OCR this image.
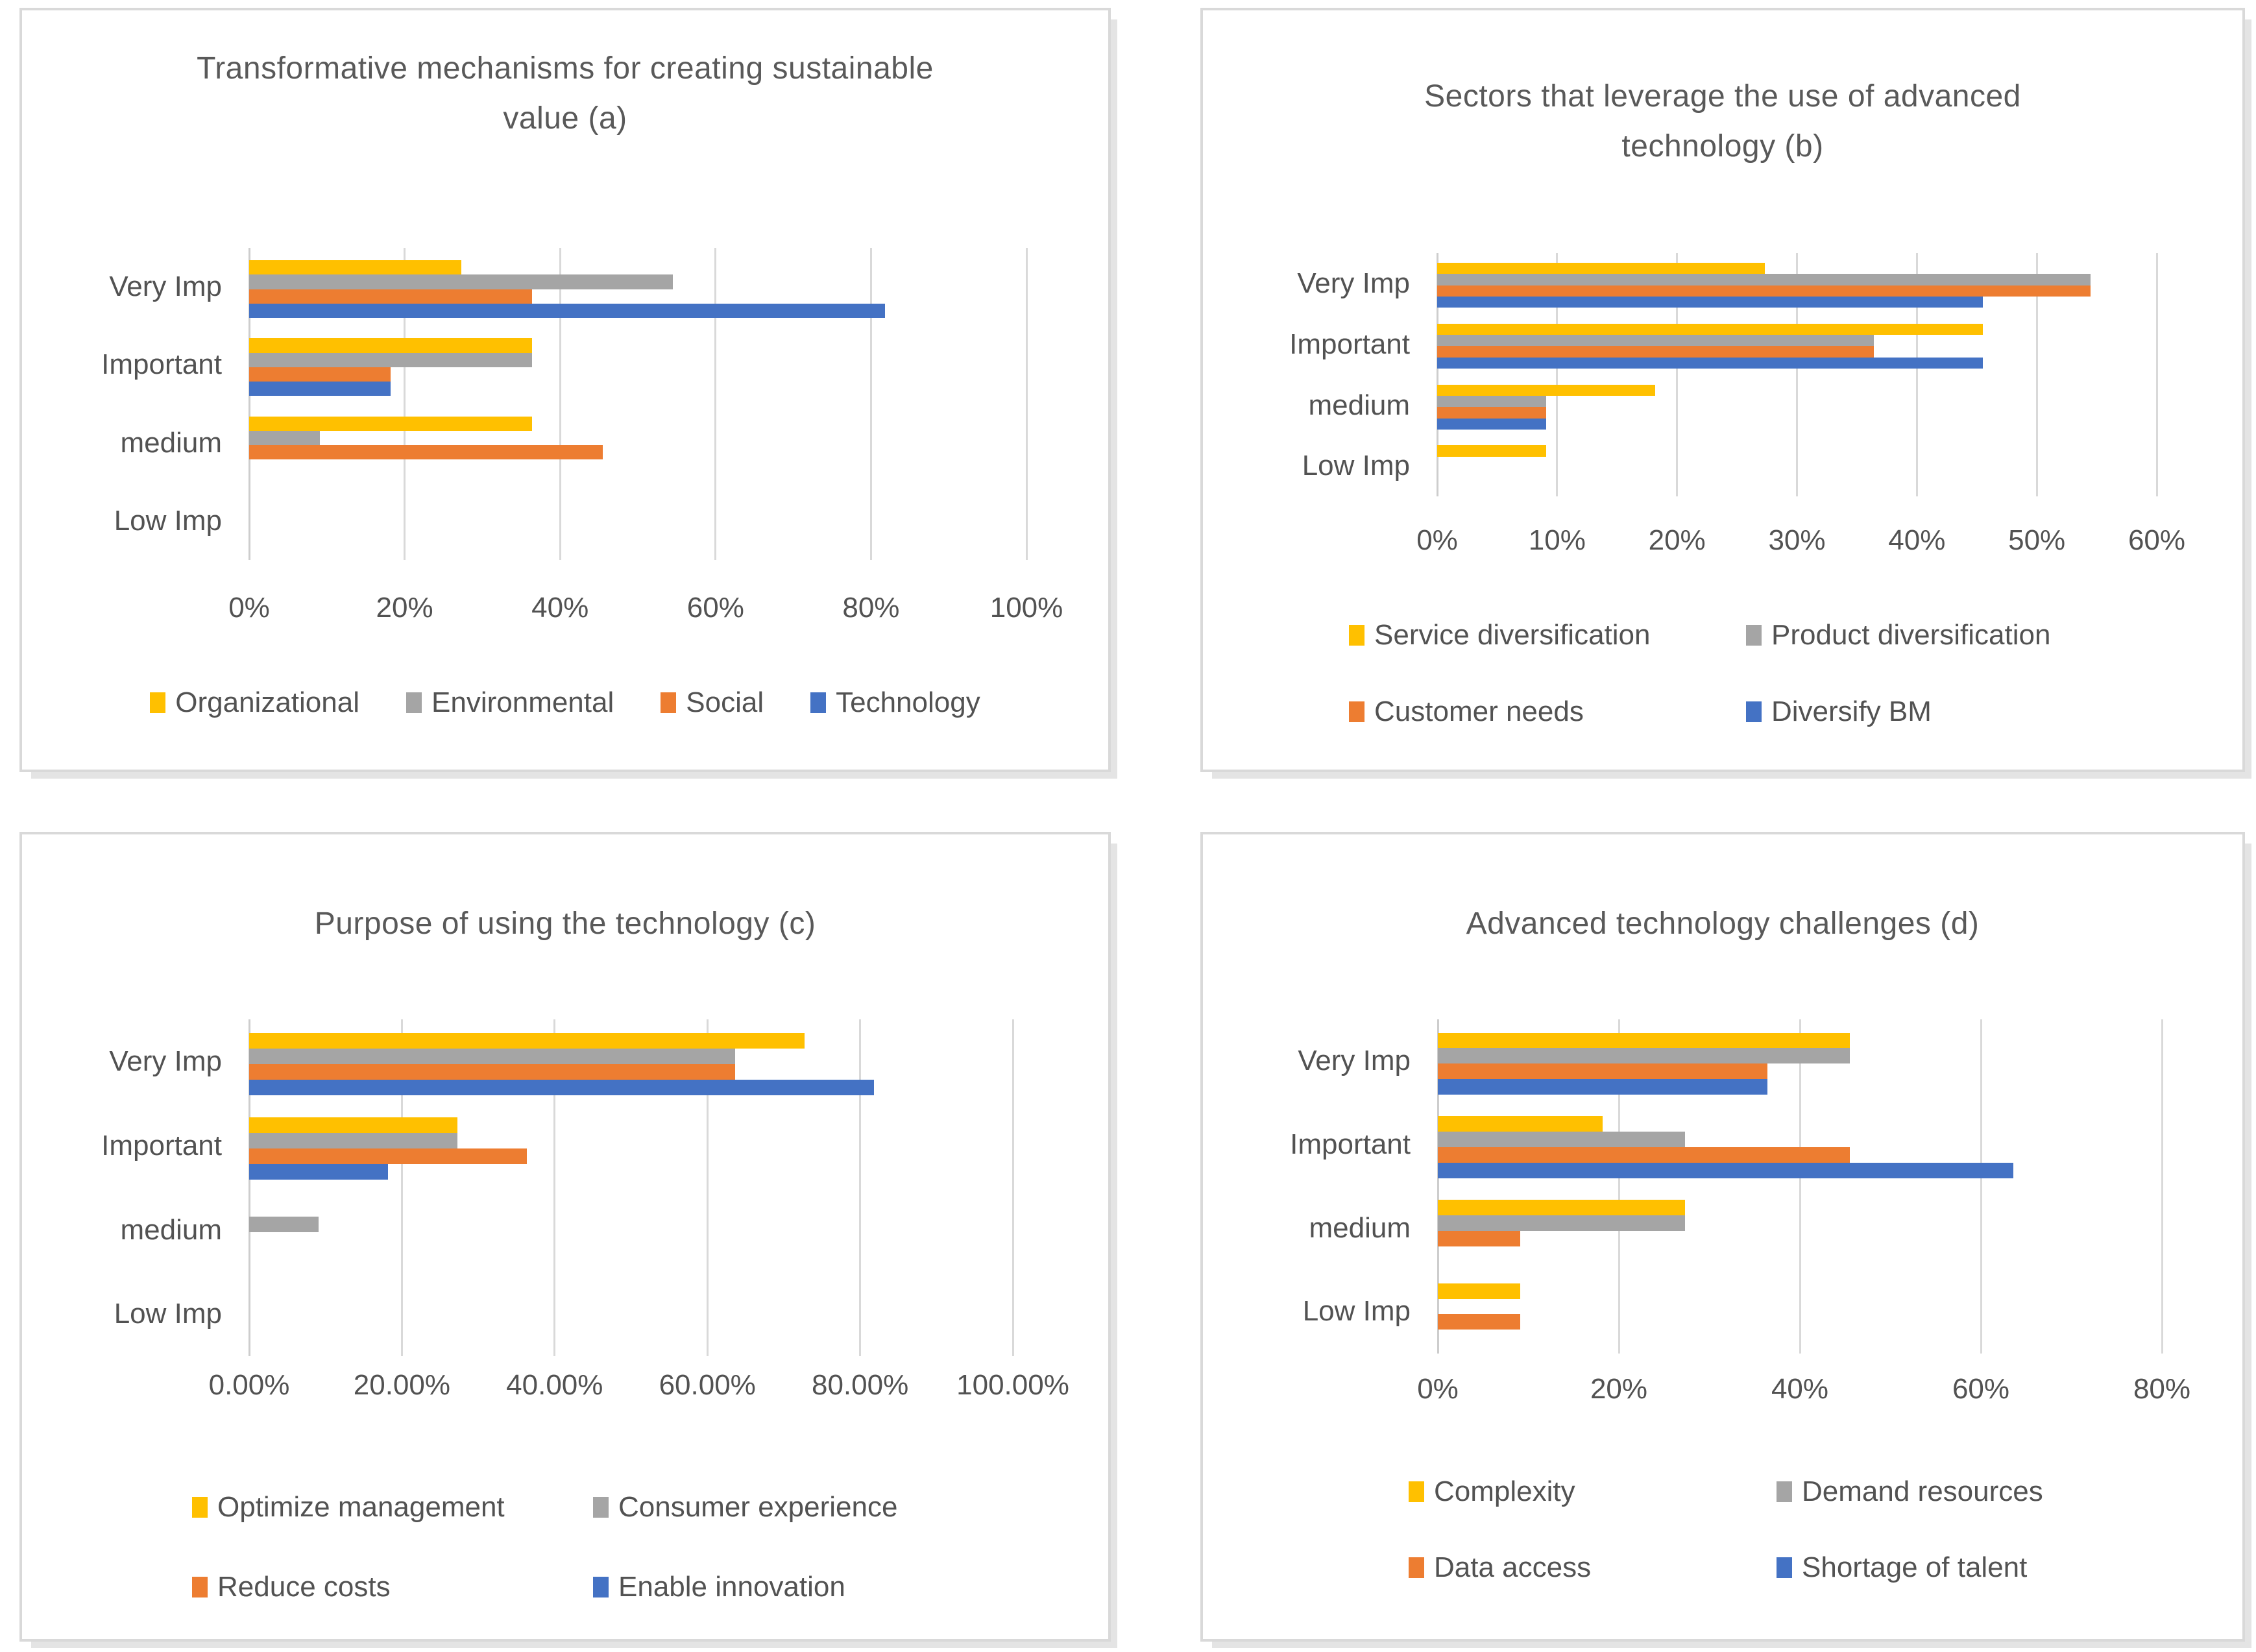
Transformative mechanisms for creating sustainable value (a)
0%	20%	40%	60%	80%	100%
Very Imp
Important
medium
Low Imp
Organizational	Environmental	Social	Technology
Sectors that leverage the use of advanced technology (b)
0%	10%	20%	30%	40%	50%	60%
Very Imp
Important
medium
Low Imp
Service diversification	Product diversification
Customer needs	Diversify BM
Purpose of using the technology (c)
0.00%	20.00%	40.00%	60.00%	80.00%	100.00%
Very Imp
Important
medium
Low Imp
Optimize management	Consumer experience
Reduce costs	Enable innovation
Advanced technology challenges (d)
0%	20%	40%	60%	80%
Very Imp
Important
medium
Low Imp
Complexity	Demand resources
Data access	Shortage of talent
